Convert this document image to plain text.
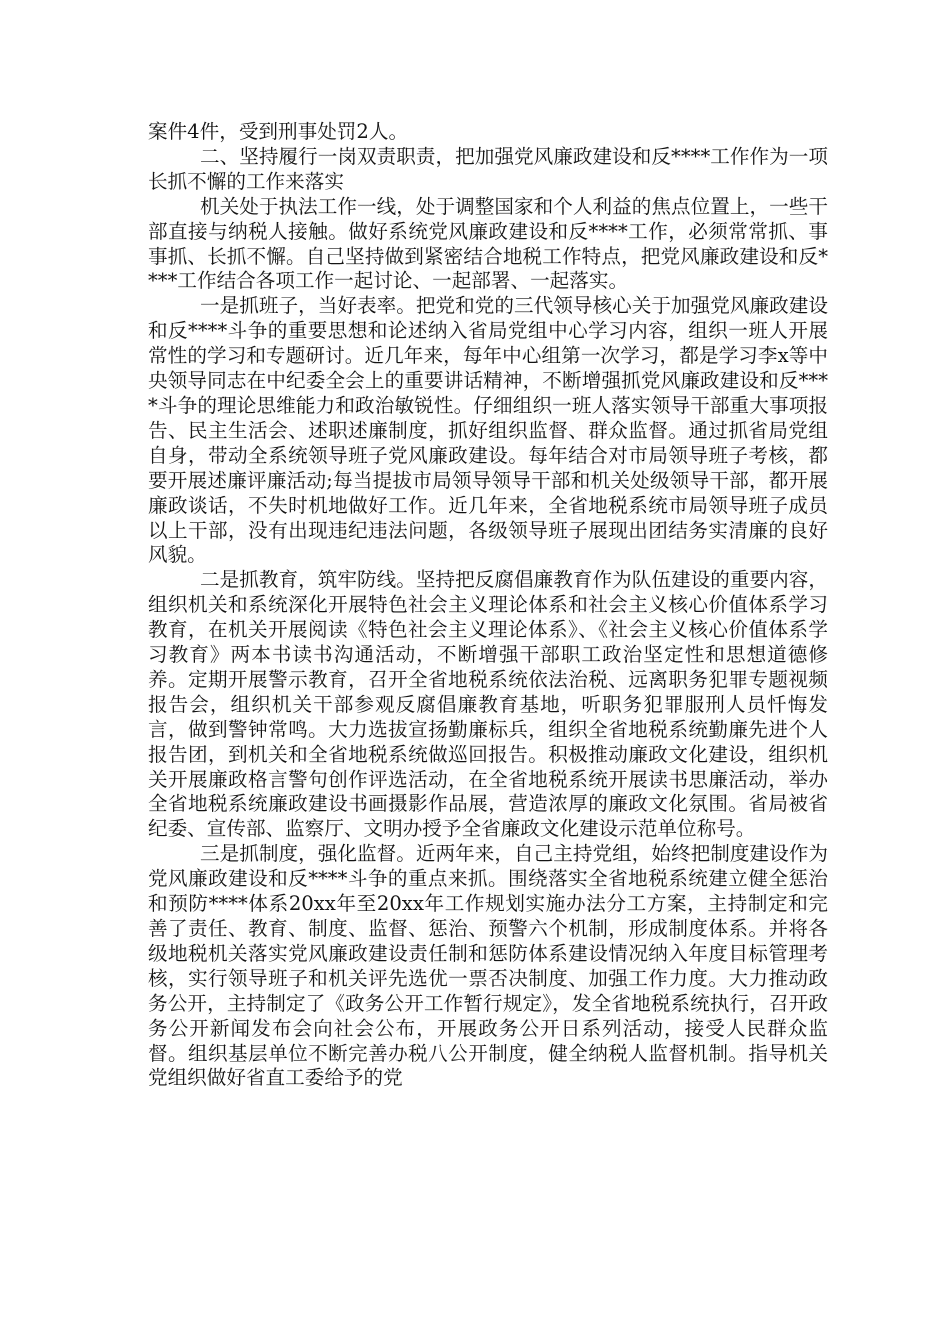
案件4件，受到刑事处罚2人。

二、坚持履行一岗双责职责，把加强党风廉政建设和反****工作作为一项长抓不懈的工作来落实

机关处于执法工作一线，处于调整国家和个人利益的焦点位置上，一些干部直接与纳税人接触。做好系统党风廉政建设和反****工作，必须常常抓、事事抓、长抓不懈。自己坚持做到紧密结合地税工作特点，把党风廉政建设和反****工作结合各项工作一起讨论、一起部署、一起落实。

一是抓班子，当好表率。把党和党的三代领导核心关于加强党风廉政建设和反****斗争的重要思想和论述纳入省局党组中心学习内容，组织一班人开展常性的学习和专题研讨。近几年来，每年中心组第一次学习，都是学习李x等中央领导同志在中纪委全会上的重要讲话精神，不断增强抓党风廉政建设和反****斗争的理论思维能力和政治敏锐性。仔细组织一班人落实领导干部重大事项报告、民主生活会、述职述廉制度，抓好组织监督、群众监督。通过抓省局党组自身，带动全系统领导班子党风廉政建设。每年结合对市局领导班子考核，都要开展述廉评廉活动;每当提拔市局领导领导干部和机关处级领导干部，都开展廉政谈话，不失时机地做好工作。近几年来，全省地税系统市局领导班子成员以上干部，没有出现违纪违法问题，各级领导班子展现出团结务实清廉的良好风貌。

二是抓教育，筑牢防线。坚持把反腐倡廉教育作为队伍建设的重要内容，组织机关和系统深化开展特色社会主义理论体系和社会主义核心价值体系学习教育，在机关开展阅读《特色社会主义理论体系》、《社会主义核心价值体系学习教育》两本书读书沟通活动，不断增强干部职工政治坚定性和思想道德修养。定期开展警示教育，召开全省地税系统依法治税、远离职务犯罪专题视频报告会，组织机关干部参观反腐倡廉教育基地，听职务犯罪服刑人员忏悔发言，做到警钟常鸣。大力选拔宣扬勤廉标兵，组织全省地税系统勤廉先进个人报告团，到机关和全省地税系统做巡回报告。积极推动廉政文化建设，组织机关开展廉政格言警句创作评选活动，在全省地税系统开展读书思廉活动，举办全省地税系统廉政建设书画摄影作品展，营造浓厚的廉政文化氛围。省局被省纪委、宣传部、监察厅、文明办授予全省廉政文化建设示范单位称号。

三是抓制度，强化监督。近两年来，自己主持党组，始终把制度建设作为党风廉政建设和反****斗争的重点来抓。围绕落实全省地税系统建立健全惩治和预防****体系20xx年至20xx年工作规划实施办法分工方案，主持制定和完善了责任、教育、制度、监督、惩治、预警六个机制，形成制度体系。并将各级地税机关落实党风廉政建设责任制和惩防体系建设情况纳入年度目标管理考核，实行领导班子和机关评先选优一票否决制度、加强工作力度。大力推动政务公开，主持制定了《政务公开工作暂行规定》，发全省地税系统执行，召开政务公开新闻发布会向社会公布，开展政务公开日系列活动，接受人民群众监督。组织基层单位不断完善办税八公开制度，健全纳税人监督机制。指导机关党组织做好省直工委给予的党
